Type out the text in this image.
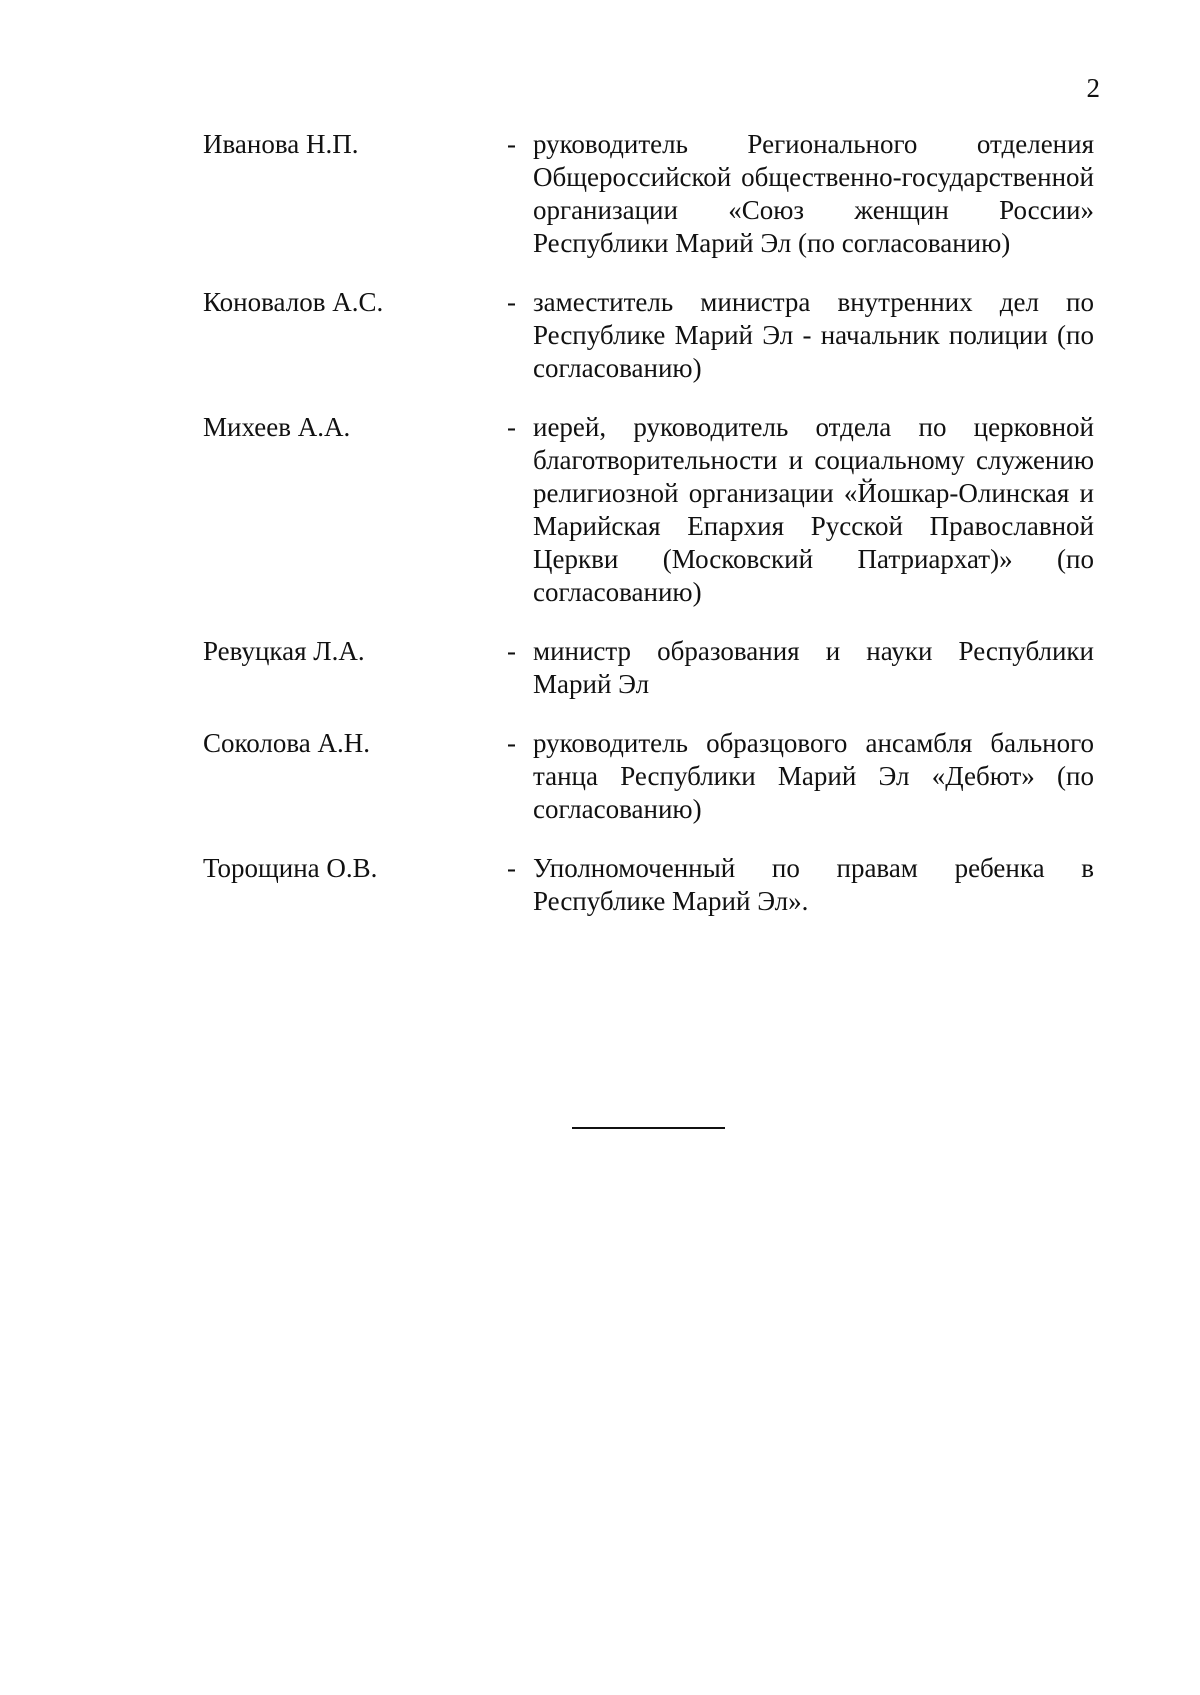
2
Иванова Н.П.	- руководитель Регионального отделения Общероссийской общественно-государственной организации «Союз женщин России» Республики Марий Эл (по согласованию)
Коновалов А.С.	- заместитель министра внутренних дел по Республике Марий Эл - начальник полиции (по согласованию)
Михеев А.А.	- иерей, руководитель отдела по церковной благотворительности и социальному служению религиозной организации «Йошкар-Олинская и Марийская Епархия Русской Православной Церкви (Московский Патриархат)» (по согласованию)
Ревуцкая Л.А.	- министр образования и науки Республики Марий Эл
Соколова А.Н.	- руководитель образцового ансамбля бального танца Республики Марий Эл «Дебют» (по согласованию)
Торощина О.В.	- Уполномоченный по правам ребенка в Республике Марий Эл».
